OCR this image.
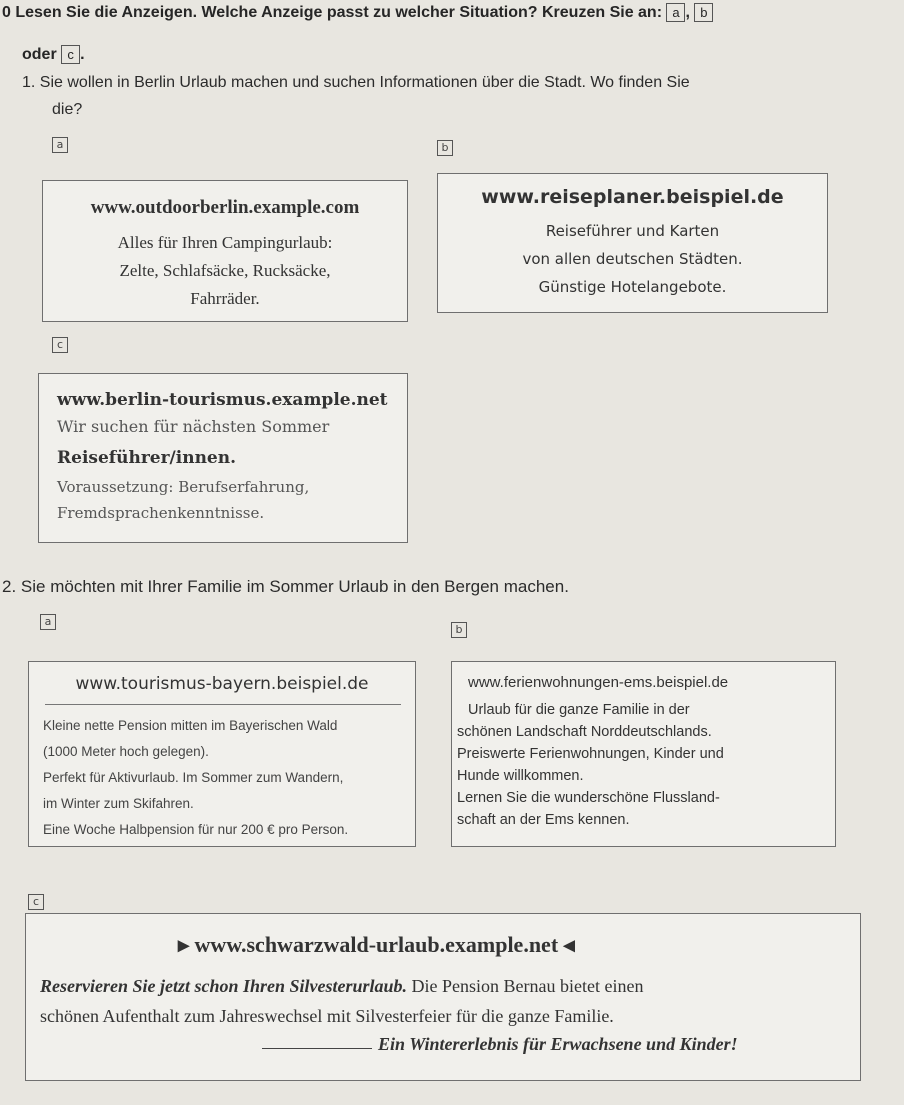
0 Lesen Sie die Anzeigen. Welche Anzeige passt zu welcher Situation? Kreuzen Sie an: a , b
oder c .
1. Sie wollen in Berlin Urlaub machen und suchen Informationen über die Stadt. Wo finden Sie
die?
a	b
www.outdoorberlin.example.com
Alles für Ihren Campingurlaub:
Zelte, Schlafsäcke, Rucksäcke,
Fahrräder.
www.reiseplaner.beispiel.de
Reiseführer und Karten
von allen deutschen Städten.
Günstige Hotelangebote.
c
www.berlin-tourismus.example.net
Wir suchen für nächsten Sommer
Reiseführer/innen.
Voraussetzung: Berufserfahrung,
Fremdsprachenkenntnisse.
2. Sie möchten mit Ihrer Familie im Sommer Urlaub in den Bergen machen.
a
b
www.tourismus-bayern.beispiel.de
Kleine nette Pension mitten im Bayerischen Wald
(1000 Meter hoch gelegen).
Perfekt für Aktivurlaub. Im Sommer zum Wandern,
im Winter zum Skifahren.
Eine Woche Halbpension für nur 200 € pro Person.
www.ferienwohnungen-ems.beispiel.de
Urlaub für die ganze Familie in der
schönen Landschaft Norddeutschlands.
Preiswerte Ferienwohnungen, Kinder und
Hunde willkommen.
Lernen Sie die wunderschöne Flussland-
schaft an der Ems kennen.
c
▸ www.schwarzwald-urlaub.example.net ◂
Reservieren Sie jetzt schon Ihren Silvesterurlaub. Die Pension Bernau bietet einen
schönen Aufenthalt zum Jahreswechsel mit Silvesterfeier für die ganze Familie.
Ein Wintererlebnis für Erwachsene und Kinder!
